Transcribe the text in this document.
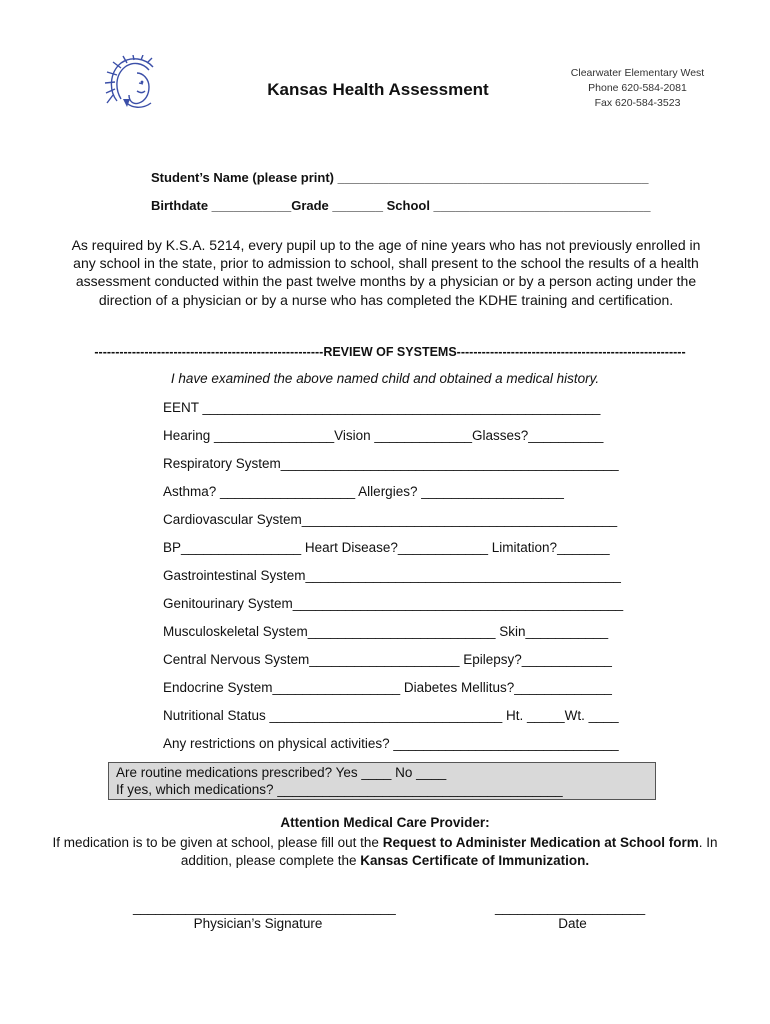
Kansas Health Assessment
Clearwater Elementary West
Phone 620-584-2081
Fax 620-584-3523
Student’s Name (please print) ___________________________________________
Birthdate ___________Grade _______ School ______________________________
As required by K.S.A. 5214, every pupil up to the age of nine years who has not previously enrolled in any school in the state, prior to admission to school, shall present to the school the results of a health assessment conducted within the past twelve months by a physician or by a person acting under the direction of a physician or by a nurse who has completed the KDHE training and certification.
-------------------------------------------------------REVIEW OF SYSTEMS-------------------------------------------------------
I have examined the above named child and obtained a medical history.
EENT _____________________________________________________
Hearing ________________Vision _____________Glasses?__________
Respiratory System_____________________________________________
Asthma? __________________ Allergies? ___________________
Cardiovascular System__________________________________________
BP________________ Heart Disease?____________ Limitation?_______
Gastrointestinal System__________________________________________
Genitourinary System____________________________________________
Musculoskeletal System_________________________ Skin___________
Central Nervous System____________________ Epilepsy?____________
Endocrine System_________________ Diabetes Mellitus?_____________
Nutritional Status _______________________________ Ht. _____Wt. ____
Any restrictions on physical activities? ______________________________
Are routine medications prescribed? Yes ____ No ____
If yes, which medications? ______________________________________
Attention Medical Care Provider:
If medication is to be given at school, please fill out the Request to Administer Medication at School form. In addition, please complete the Kansas Certificate of Immunization.
___________________________________
Physician’s Signature
____________________
Date
